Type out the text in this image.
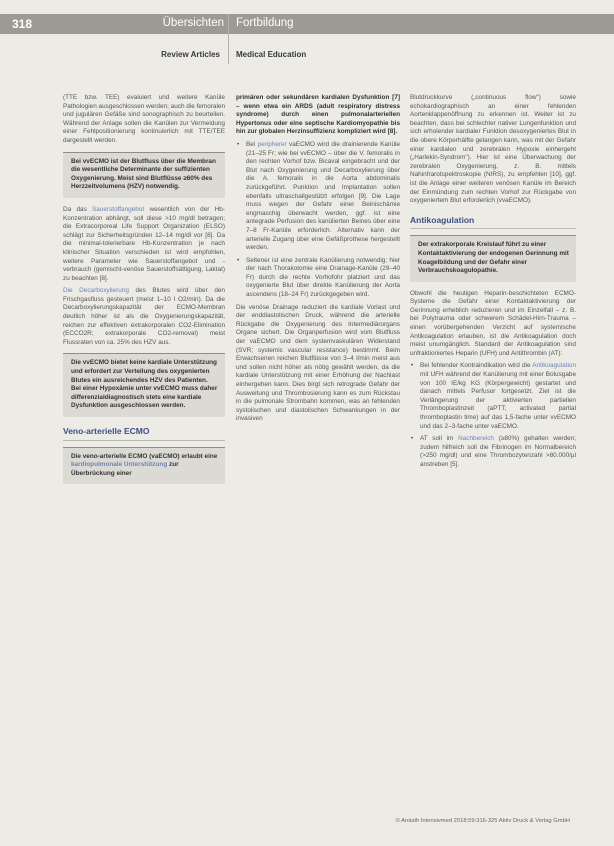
318	Übersichten Fortbildung
Review Articles Medical Education

(TTE bzw. TEE) evaluiert und weitere Kanüle Pathologien ausgeschlossen werden; auch die femoralen und jugulären Gefäße sind sonographisch zu beurteilen. Während der Anlage sollen die Kanülen zur Vermeidung einer Fehlpositionierung kontinuierlich mit TTE/TEE dargestellt werden.

Bei vvECMO ist der Blutfluss über die Membran die wesentliche Determinante der suffizienten Oxygenierung. Meist sind Blutflüsse ≥60% des Herzzeitvolumens (HZV) notwendig.

Da das Sauerstoffangebot wesentlich von der Hb-Konzentration abhängt, soll diese >10 mg/dl betragen; die Extracorporeal Life Support Organization (ELSO) schlägt zur Sicherheitsgründen 12–14 mg/dl vor [8]. Da die minimal-tolerierbare Hb-Konzentration je nach klinischer Situation verschieden ist wird empfohlen, weitere Parameter wie Sauerstoffangebot und -verbrauch (gemischt-venöse Sauerstoffsättigung, Laktat) zu beachten [8].

Die Decarboxylierung des Blutes wird über den Frischgasfluss gesteuert (meist 1–10 l O2/min). Da die Decarboxylierungskapazität der ECMO-Membran deutlich höher ist als die Oxygenierungskapazität, reichen zur effektiven extrakorporalen CO2-Elimination (ECCO2R; extrakorporale CO2-removal) meist Flussraten von ca. 25% des HZV aus.

Die vvECMO bietet keine kardiale Unterstützung und erfordert zur Verteilung des oxygenierten Blutes ein ausreichendes HZV des Patienten. Bei einer Hypoxämie unter vvECMO muss daher differenzialdiagnostisch stets eine kardiale Dysfunktion ausgeschlossen werden.
Veno-arterielle ECMO
Die veno-arterielle ECMO (vaECMO) erlaubt eine kardiopulmonale Unterstützung zur Überbrückung einer

primären oder sekundären kardialen Dysfunktion [7] – wenn etwa ein ARDS (adult respiratory distress syndrome) durch einen pulmonalarteriellen Hypertonus oder eine septische Kardiomyopathie bis hin zur globalen Herzinsuffizienz kompliziert wird [8].

• Bei peripherer vaECMO wird die drainierende Kanüle (21–25 Fr; wie bei vvECMO – über die V. femoralis in den rechten Vorhof bzw. Bicaval eingebracht und der Blut nach Oxygenierung und Decarboxylierung über die A. femoralis in die Aorta abdominalis zurückgeführt. Punktion und Implantation sollen ebenfalls ultraschallgestützt erfolgen [9]. Die Lage muss wegen der Gefahr einer Beinischämie engmaschig überwacht werden, ggf. ist eine antegrade Perfusion des kanülierten Beines über eine 7–8 Fr-Kanüle erforderlich. Alternativ kann der arterielle Zugang über eine Gefäßprothese hergestellt werden.
• Seltener ist eine zentrale Kanülierung notwendig; hier der nach Thorakotomie eine Drainage-Kanüle (29–40 Fr) durch die rechte Vorhofohr platziert und das oxygenierte Blut über direkte Kanülierung der Aorta ascendens (18–24 Fr) zurückgegeben wird.

Die venöse Drainage reduziert die kardiale Vorlast und der enddiastolischen Druck, während die arterielle Rückgabe die Oxygenierung des Intermediärorgans Organe sichert. Die Organperfusion wird vom Blutfluss der vaECMO und dem systemvaskulären Widerstand (SVR; systemic vascular resistance) bestimmt. Beim Erwachsenen reichen Blutflüsse von 3–4 l/min meist aus und sollen nicht höher als nötig gewählt werden, da die kardiale Unterstützung mit einer Erhöhung der Nachlast einhergehen kann. Dies birgt sich retrograde Gefahr der Ausweitung und Thrombosierung kann es zum Rückstau in die pulmonale Strombahn kommen, was an fehlenden systolischen und diastolischen Schwankungen in der invasiven

Blutdruckkurve („continuous flow") sowie echokardiographisch an einer fehlenden Aortenklappenöffnung zu erkennen ist. Weiter ist zu beachten, dass bei schlechter nativer Lungenfunktion und sich erholender kardialer Funktion desoxygeniertes Blut in die obere Körperhälfte gelangen kann, was mit der Gefahr einer kardialen und zerebralen Hypoxie einhergeht („Harlekin-Syndrom"). Hier ist eine Überwachung der zerebralen Oxygenierung, z. B. mittels Nahinfrarotspektroskopie (NIRS), zu empfehlen [10], ggf. ist die Anlage einer weiteren venösen Kanüle im Bereich der Einmündung zum rechten Vorhof zur Rückgabe von oxygeniertem Blut erforderlich (vvaECMO).

Antikoagulation
Der extrakorporale Kreislauf führt zu einer Kontaktaktivierung der endogenen Gerinnung mit Koagelbildung und der Gefahr einer Verbrauchskoagulopathie.

Obwohl die heutigen Heparin-beschichteten ECMO-Systeme die Gefahr einer Kontaktaktivierung der Gerinnung erheblich reduzieren und im Einzelfall – z. B. bei Polytrauma oder schwerem Schädel-Hirn-Trauma – einen vorübergehenden Verzicht auf systemische Antikoagulation erlauben, ist die Antikoagulation doch meist unumgänglich. Standard der Antikoagulation sind unfraktioniertes Heparin (UFH) und Antithrombin (AT):

• Bei fehlender Kontraindikation wird die Antikoagulation mit UFH während der Kanülierung mit einer Bolusgabe von 100 IE/kg KG (Körpergewicht) gestartet und danach mittels Perfusor fortgesetzt. Ziel ist die Verlängerung der aktivierten partiellen Thromboplastinzeit (aPTT; activated partial thromboplastin time) auf das 1,5-fache unter vvECMO und das 2–3-fache unter vaECMO.
• AT soll im Nachbereich (≥80%) gehalten werden; zudem hilfreich soll die Fibrinogen im Normalbereich (>250 mg/dl) und eine Thrombozytenzahl >80.000/µl anstreben [5].
© Anästh Intensivmed 2018;59:316-325 Aktiv Druck & Verlag GmbH
